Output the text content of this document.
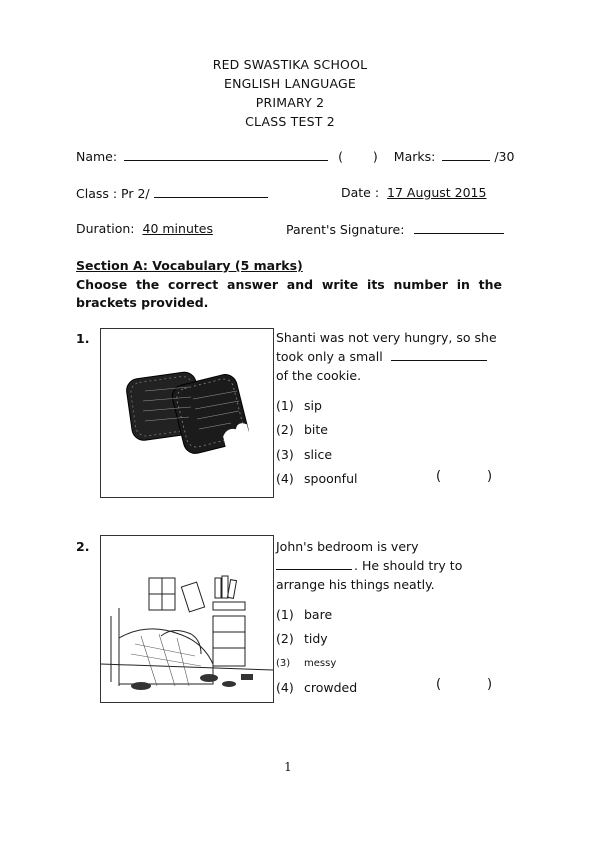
RED SWASTIKA SCHOOL
ENGLISH LANGUAGE
PRIMARY 2
CLASS TEST 2
Name:	( ) Marks:	/30
Class : Pr 2/	Date : 17 August 2015
Duration: 40 minutes	Parent's Signature:
Section A: Vocabulary (5 marks)
Choose the correct answer and write its number in the brackets provided.
1.	Shanti was not very hungry, so she
took only a small
of the cookie.
(1) sip
(2) bite
(3) slice
(4) spoonful	(	)
2.	John's bedroom is very
. He should try to
arrange his things neatly.
(1) bare
(2) tidy
(3)	messy
(4) crowded	(	)
1
